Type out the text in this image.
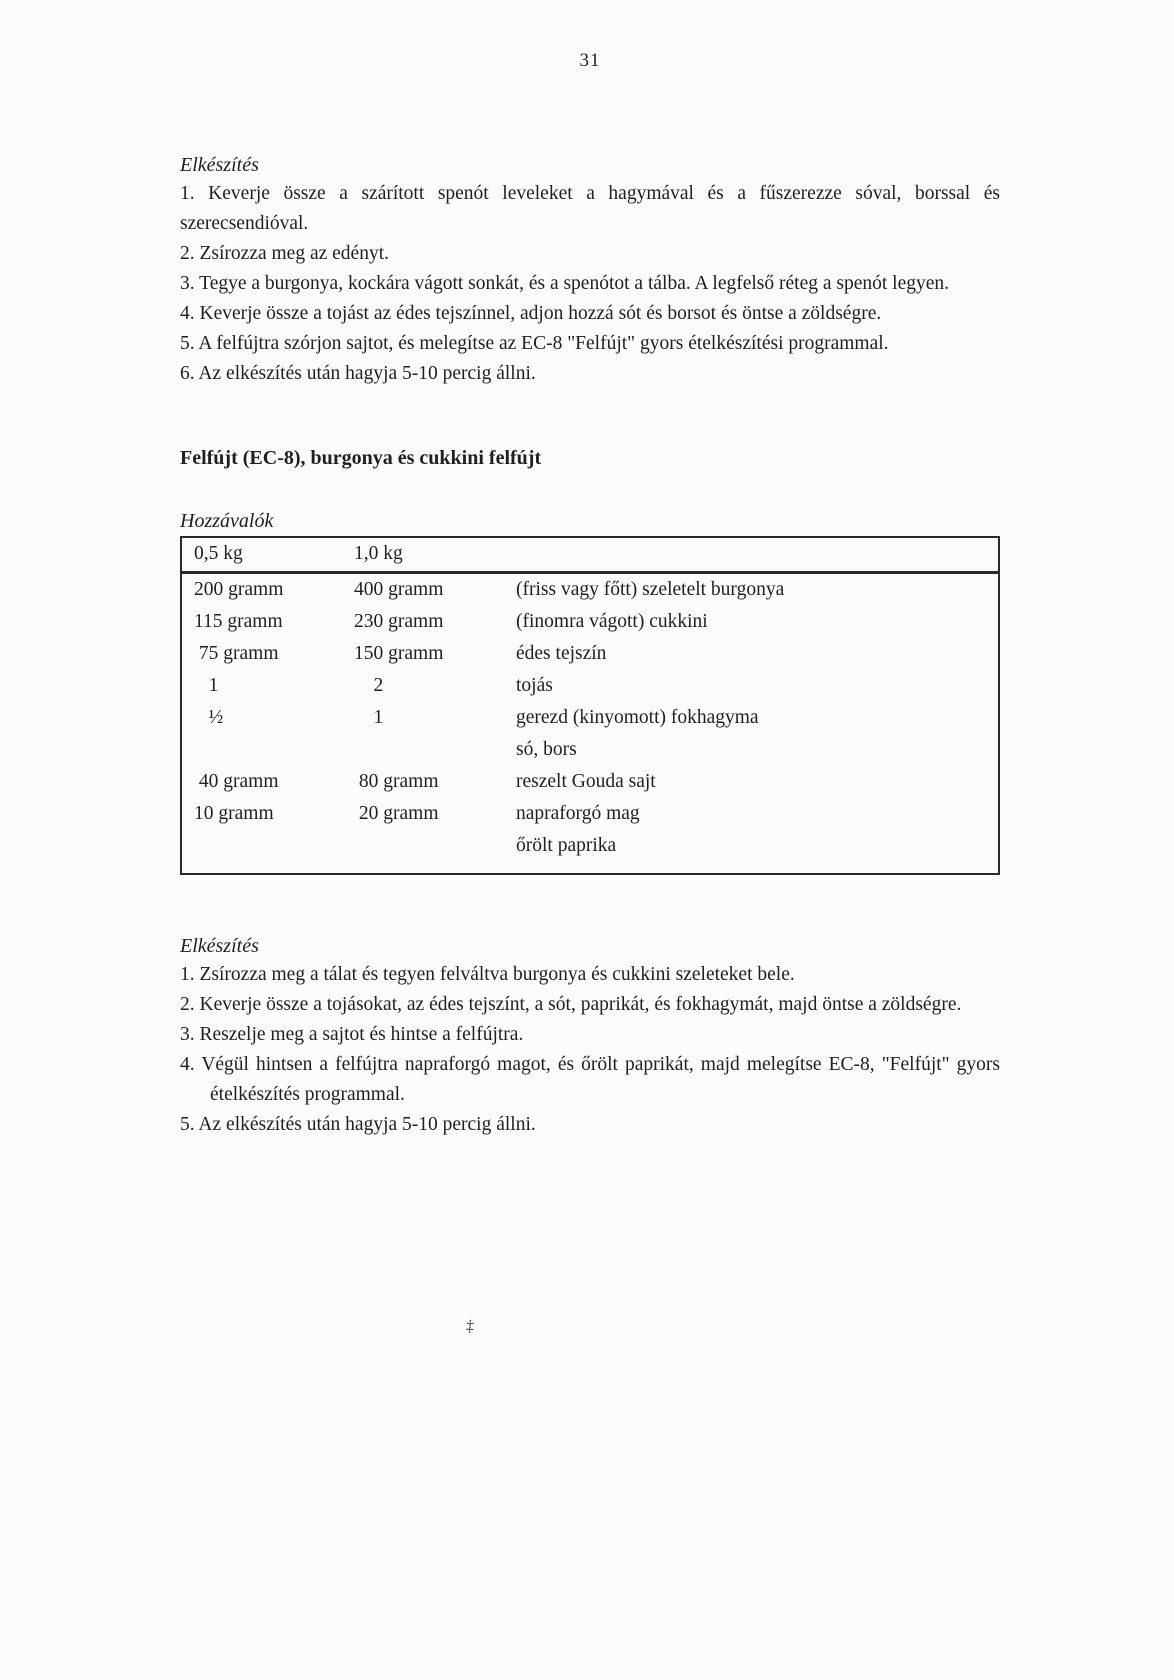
31
Elkészítés

1. Keverje össze a szárított spenót leveleket a hagymával és a fűszerezze sóval, borssal és szerecsendióval.

2. Zsírozza meg az edényt.

3. Tegye a burgonya, kockára vágott sonkát, és a spenótot a tálba. A legfelső réteg a spenót legyen.

4. Keverje össze a tojást az édes tejszínnel, adjon hozzá sót és borsot és öntse a zöldségre.

5. A felfújtra szórjon sajtot, és melegítse az EC-8 "Felfújt" gyors ételkészítési programmal.

6. Az elkészítés után hagyja 5-10 percig állni.

Felfújt (EC-8), burgonya és cukkini felfújt
Hozzávalók
0,5 kg	1,0 kg	
200 gramm	400 gramm	(friss vagy főtt) szeletelt burgonya
115 gramm	230 gramm	(finomra vágott) cukkini
75 gramm	150 gramm	édes tejszín
1	2	tojás
½	1	gerezd (kinyomott) fokhagyma
		só, bors
40 gramm	80 gramm	reszelt Gouda sajt
10 gramm	20 gramm	napraforgó mag
		őrölt paprika
Elkészítés

1. Zsírozza meg a tálat és tegyen felváltva burgonya és cukkini szeleteket bele.

2. Keverje össze a tojásokat, az édes tejszínt, a sót, paprikát, és fokhagymát, majd öntse a zöldségre.

3. Reszelje meg a sajtot és hintse a felfújtra.

4. Végül hintsen a felfújtra napraforgó magot, és őrölt paprikát, majd melegítse EC-8, "Felfújt" gyors ételkészítés programmal.

5. Az elkészítés után hagyja 5-10 percig állni.

‡
